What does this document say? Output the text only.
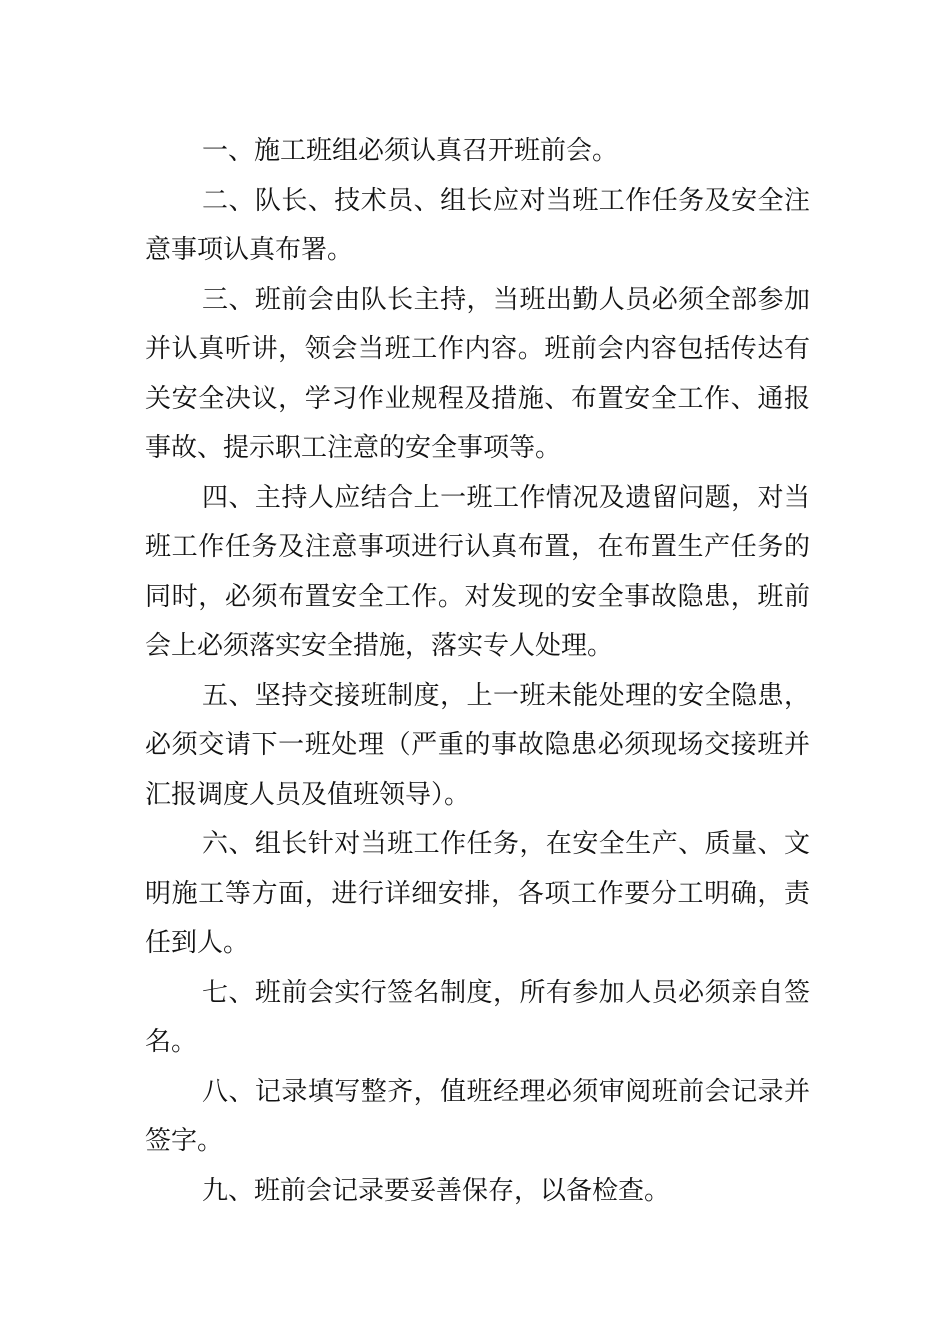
一、施工班组必须认真召开班前会。

二、队长、技术员、组长应对当班工作任务及安全注意事项认真布署。

三、班前会由队长主持，当班出勤人员必须全部参加并认真听讲，领会当班工作内容。班前会内容包括传达有关安全决议，学习作业规程及措施、布置安全工作、通报事故、提示职工注意的安全事项等。

四、主持人应结合上一班工作情况及遗留问题，对当班工作任务及注意事项进行认真布置，在布置生产任务的同时，必须布置安全工作。对发现的安全事故隐患，班前会上必须落实安全措施，落实专人处理。

五、坚持交接班制度，上一班未能处理的安全隐患，必须交请下一班处理（严重的事故隐患必须现场交接班并汇报调度人员及值班领导）。

六、组长针对当班工作任务，在安全生产、质量、文明施工等方面，进行详细安排，各项工作要分工明确，责任到人。

七、班前会实行签名制度，所有参加人员必须亲自签名。

八、记录填写整齐，值班经理必须审阅班前会记录并签字。

九、班前会记录要妥善保存，以备检查。
